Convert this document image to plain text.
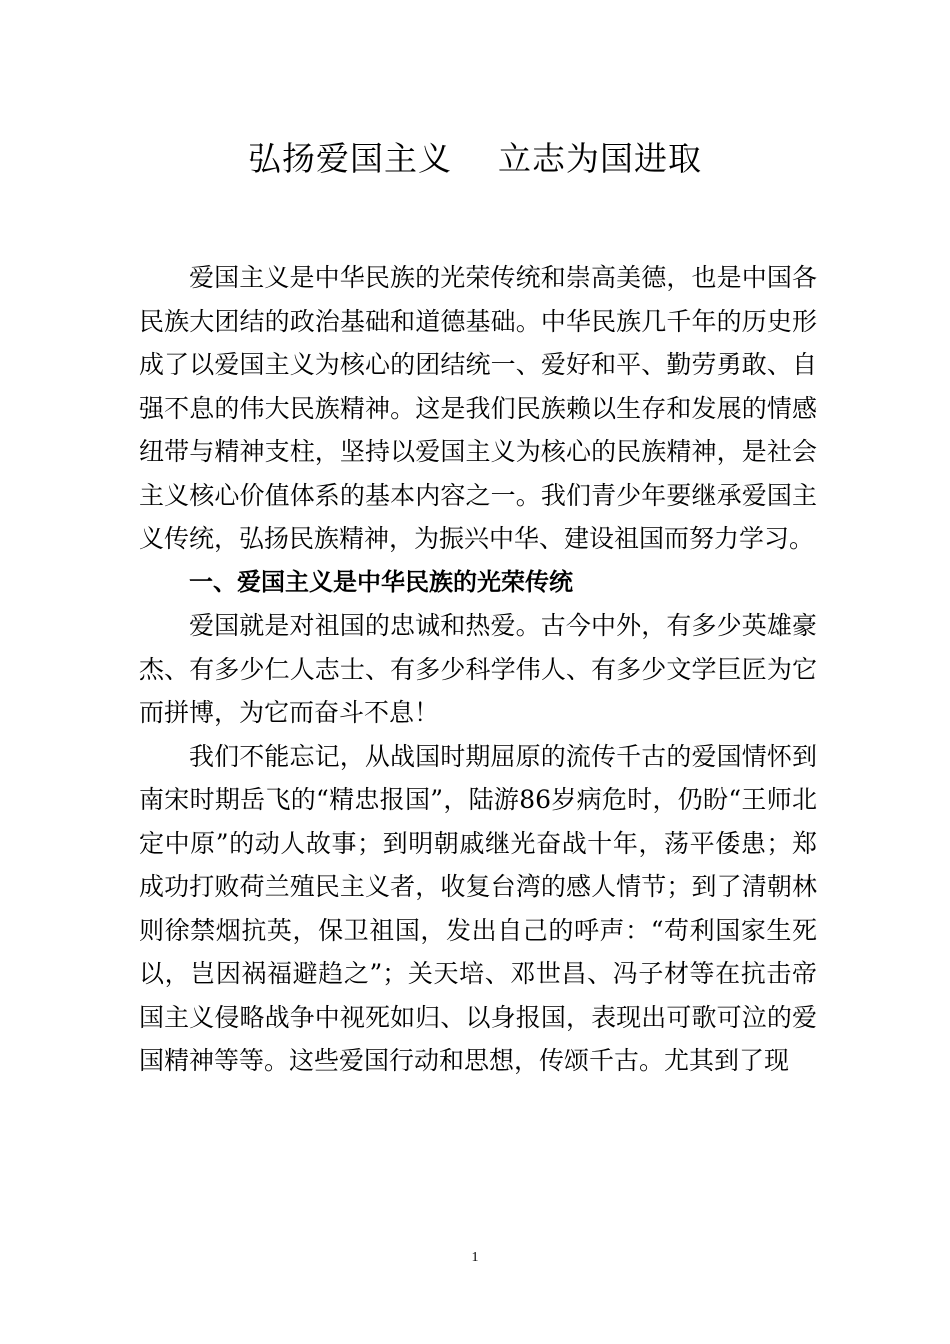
弘扬爱国主义    立志为国进取

爱国主义是中华民族的光荣传统和崇高美德，也是中国各民族大团结的政治基础和道德基础。中华民族几千年的历史形成了以爱国主义为核心的团结统一、爱好和平、勤劳勇敢、自强不息的伟大民族精神。这是我们民族赖以生存和发展的情感纽带与精神支柱，坚持以爱国主义为核心的民族精神，是社会主义核心价值体系的基本内容之一。我们青少年要继承爱国主义传统，弘扬民族精神，为振兴中华、建设祖国而努力学习。

一、爱国主义是中华民族的光荣传统

爱国就是对祖国的忠诚和热爱。古今中外，有多少英雄豪杰、有多少仁人志士、有多少科学伟人、有多少文学巨匠为它而拼博，为它而奋斗不息！

我们不能忘记，从战国时期屈原的流传千古的爱国情怀到南宋时期岳飞的“精忠报国”，陆游86岁病危时，仍盼“王师北定中原”的动人故事；到明朝戚继光奋战十年，荡平倭患；郑成功打败荷兰殖民主义者，收复台湾的感人情节；到了清朝林则徐禁烟抗英，保卫祖国，发出自己的呼声：“苟利国家生死以，岂因祸福避趋之”；关天培、邓世昌、冯子材等在抗击帝国主义侵略战争中视死如归、以身报国，表现出可歌可泣的爱国精神等等。这些爱国行动和思想，传颂千古。尤其到了现

1
